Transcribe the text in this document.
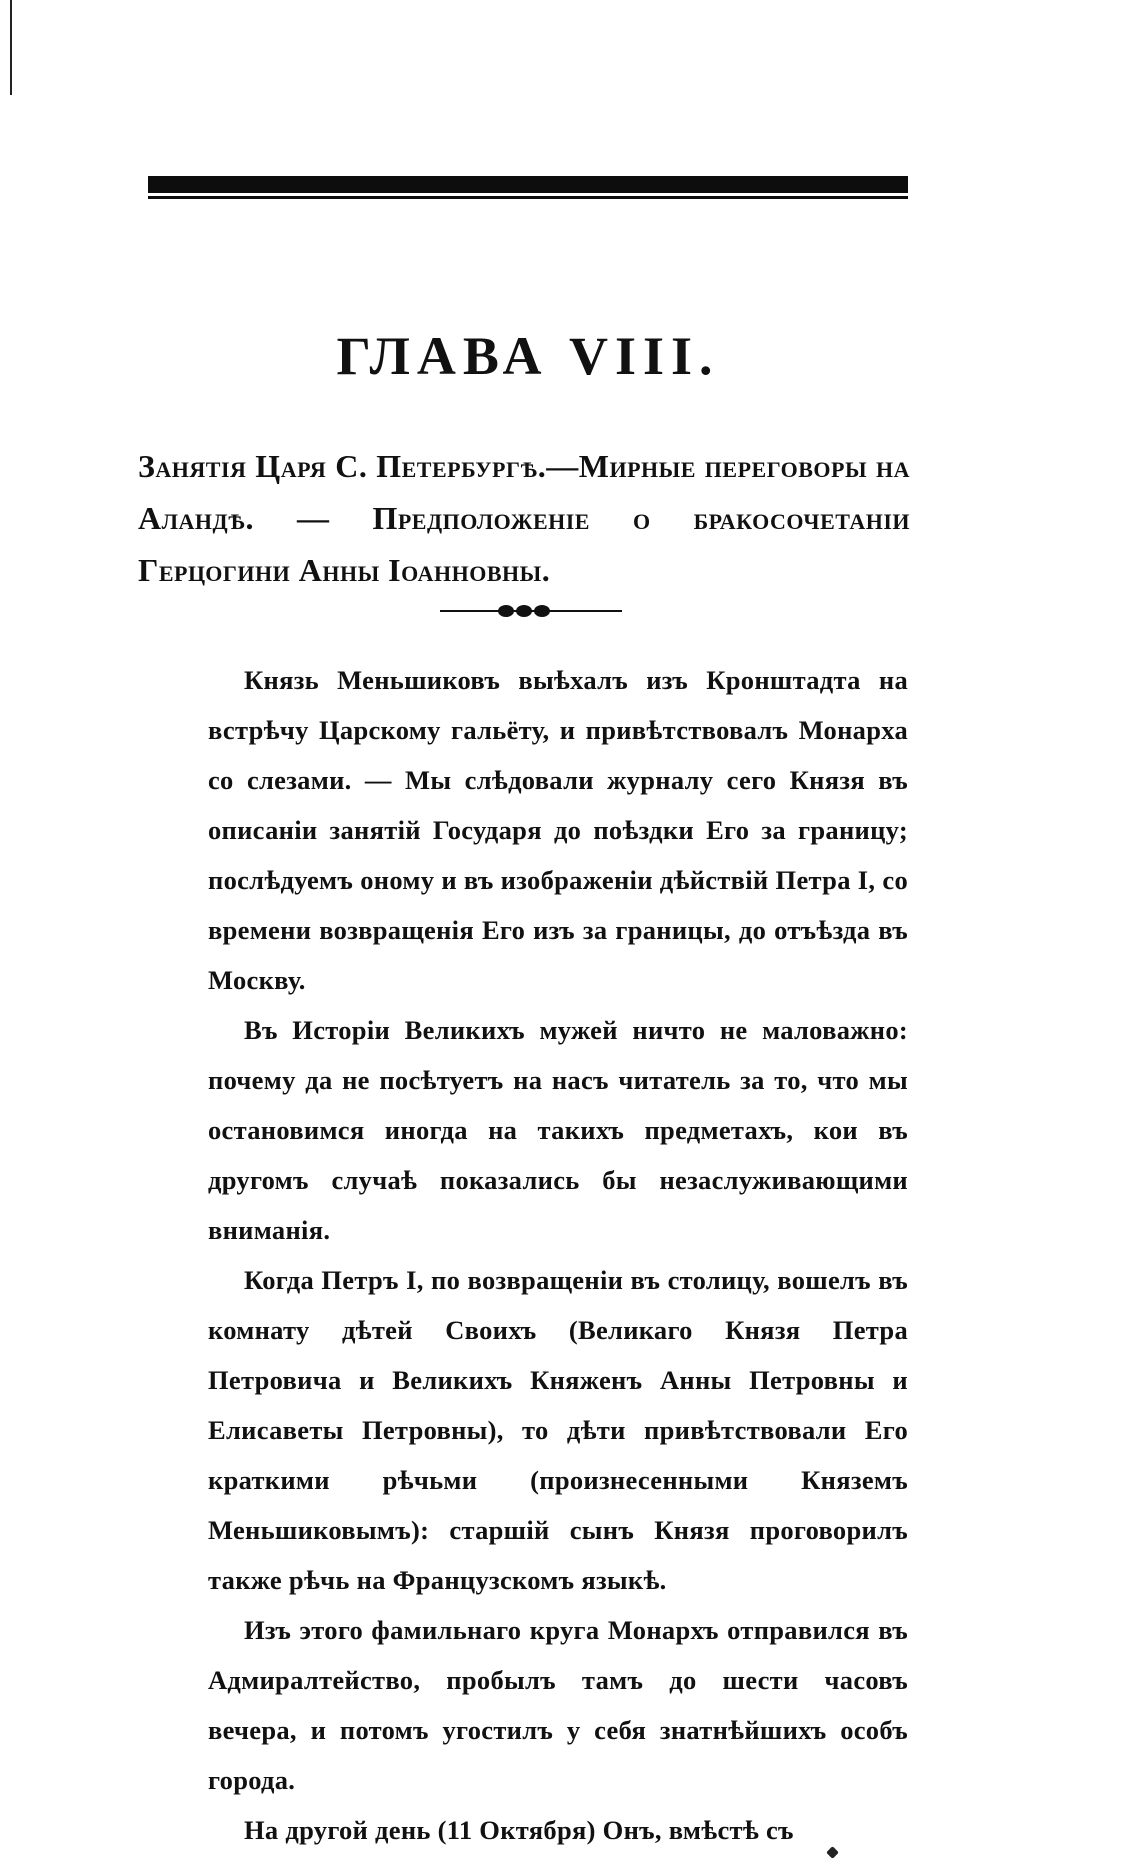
ГЛАВА VIII.

Занятія Царя С. Петербургѣ.—Мирные переговоры на Аландѣ. — Предположеніе о бракосочетаніи Герцогини Анны Іоанновны.

Князь Меньшиковъ выѣхалъ изъ Кронштадта на встрѣчу Царскому гальёту, и привѣтствовалъ Монарха со слезами. — Мы слѣдовали журналу сего Князя въ описаніи занятій Государя до поѣздки Его за границу; послѣдуемъ оному и въ изображеніи дѣйствій Петра I, со времени возвращенія Его изъ за границы, до отъѣзда въ Москву.

Въ Исторіи Великихъ мужей ничто не маловажно: почему да не посѣтуетъ на насъ читатель за то, что мы остановимся иногда на такихъ предметахъ, кои въ другомъ случаѣ показались бы незаслуживающими вниманія.

Когда Петръ I, по возвращеніи въ столицу, вошелъ въ комнату дѣтей Своихъ (Великаго Князя Петра Петровича и Великихъ Княженъ Анны Петровны и Елисаветы Петровны), то дѣти привѣтствовали Его краткими рѣчьми (произнесенными Княземъ Меньшиковымъ): старшій сынъ Князя проговорилъ также рѣчь на Французскомъ языкѣ.

Изъ этого фамильнаго круга Монархъ отправился въ Адмиралтейство, пробылъ тамъ до шести часовъ вечера, и потомъ угостилъ у себя знатнѣйшихъ особъ города.

На другой день (11 Октября) Онъ, вмѣстѣ съ
